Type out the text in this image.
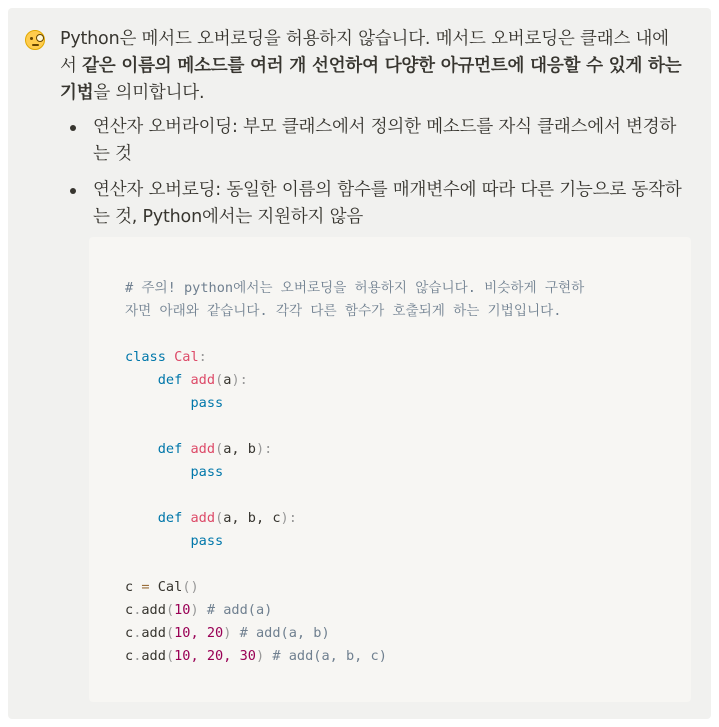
Python은 메서드 오버로딩을 허용하지 않습니다. 메서드 오버로딩은 클래스 내에서 같은 이름의 메소드를 여러 개 선언하여 다양한 아규먼트에 대응할 수 있게 하는 기법을 의미합니다.

연산자 오버라이딩: 부모 클래스에서 정의한 메소드를 자식 클래스에서 변경하는 것
연산자 오버로딩: 동일한 이름의 함수를 매개변수에 따라 다른 기능으로 동작하는 것, Python에서는 지원하지 않음
# 주의! python에서는 오버로딩을 허용하지 않습니다. 비슷하게 구현하
자면 아래와 같습니다. 각각 다른 함수가 호출되게 하는 기법입니다.
class Cal:
def add(a):
pass
def add(a, b):
pass
def add(a, b, c):
pass
c = Cal()
c.add(10) # add(a)
c.add(10, 20) # add(a, b)
c.add(10, 20, 30) # add(a, b, c)
